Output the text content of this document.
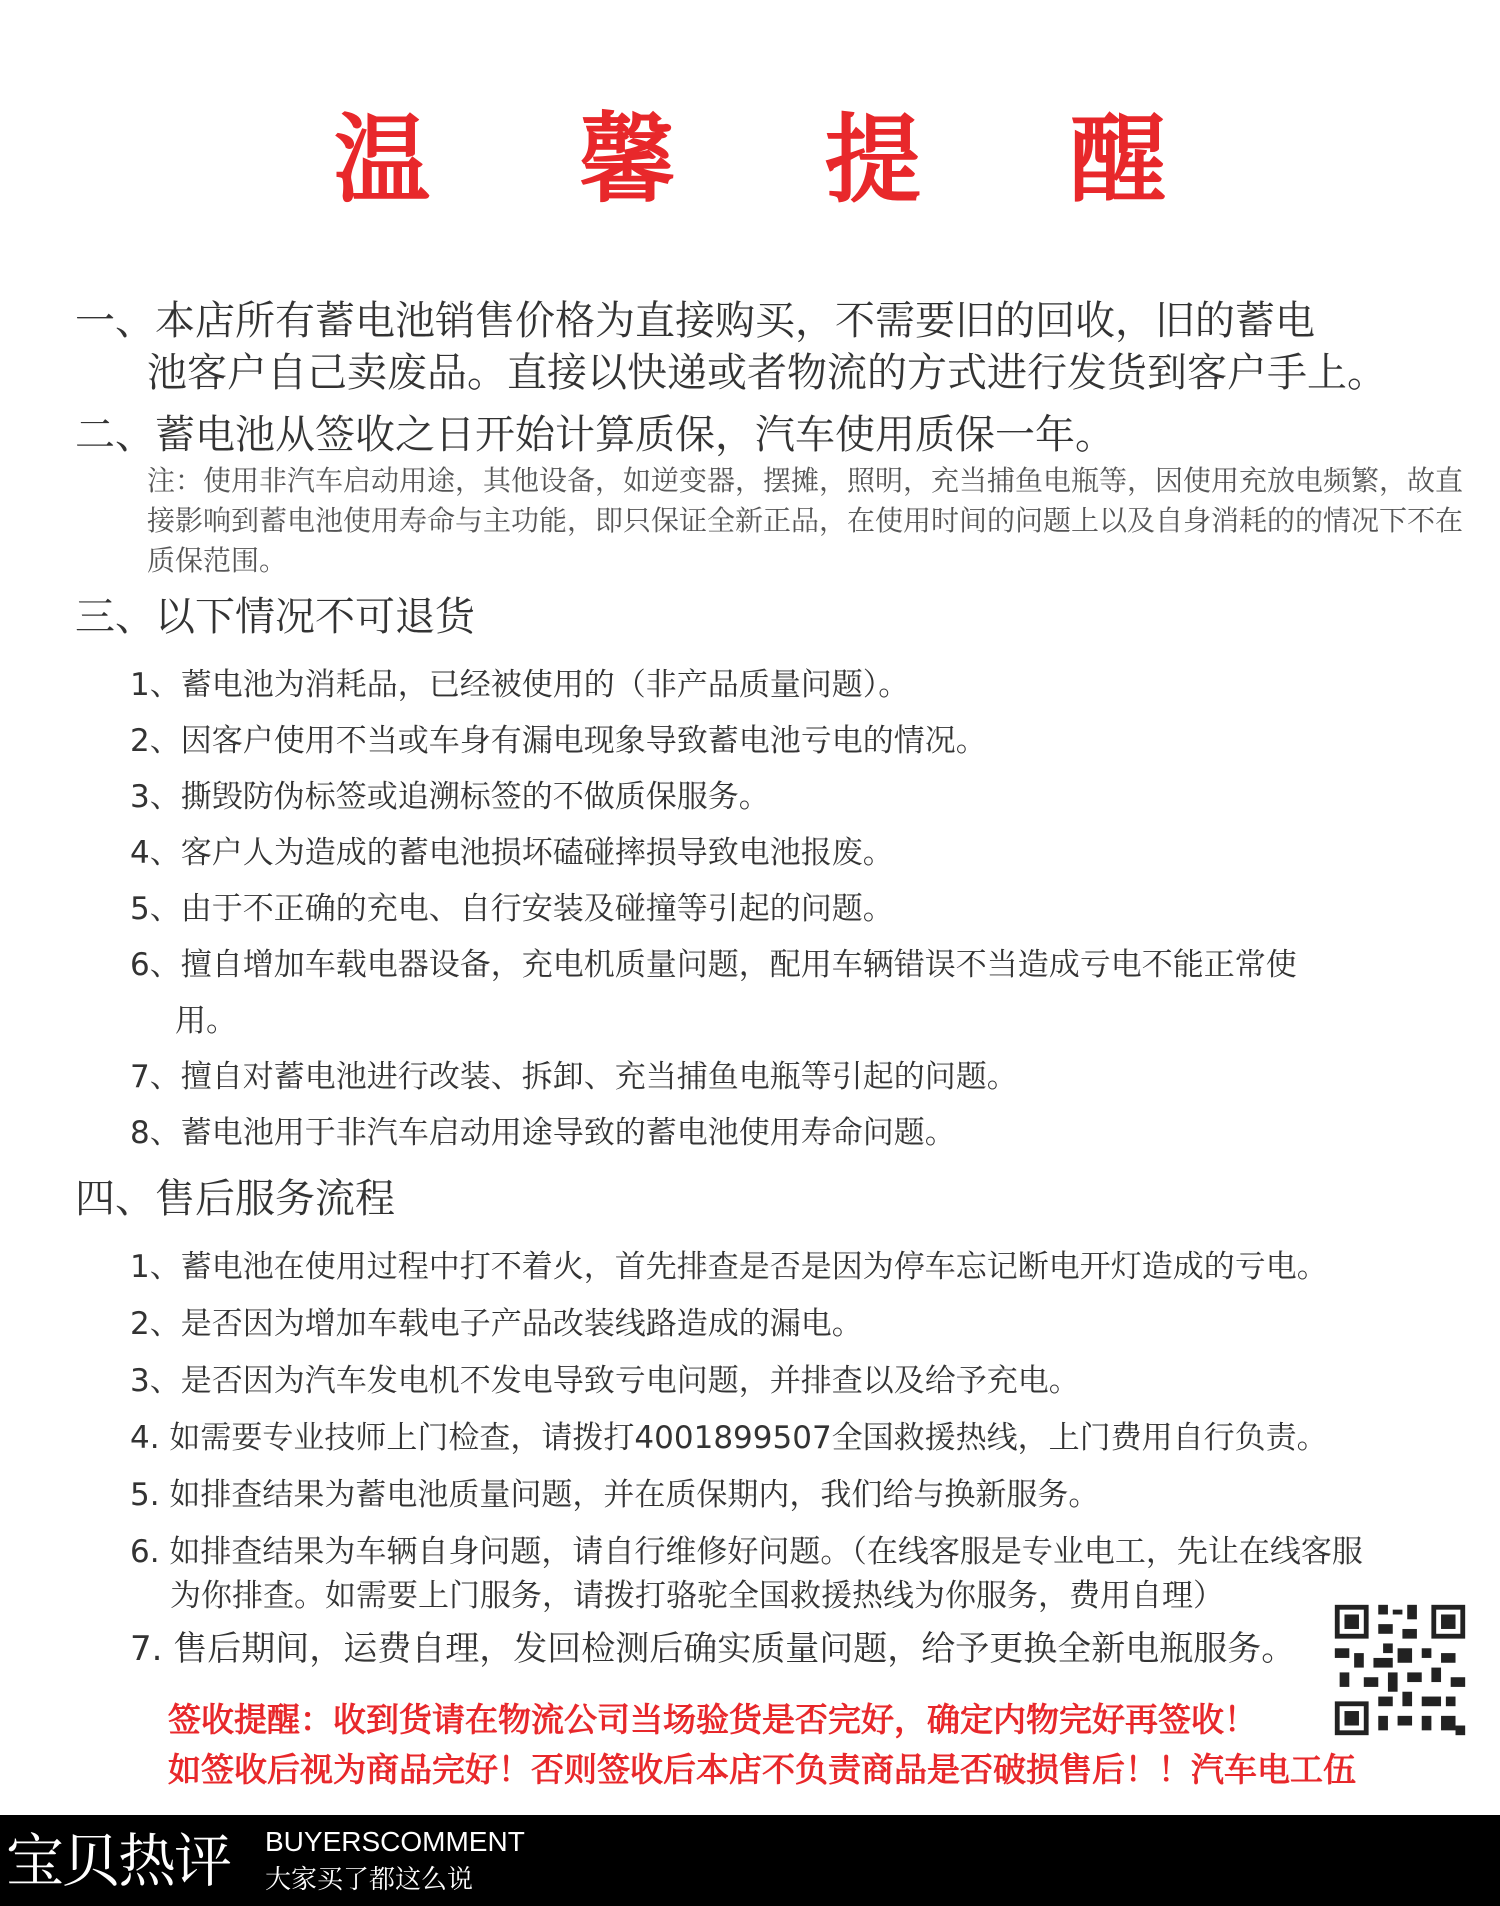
温 馨 提 醒
一、本店所有蓄电池销售价格为直接购买，不需要旧的回收，旧的蓄电
池客户自己卖废品。直接以快递或者物流的方式进行发货到客户手上。
二、蓄电池从签收之日开始计算质保，汽车使用质保一年。
注：使用非汽车启动用途，其他设备，如逆变器，摆摊，照明，充当捕鱼电瓶等，因使用充放电频繁，故直接影响到蓄电池使用寿命与主功能，即只保证全新正品，在使用时间的问题上以及自身消耗的的情况下不在质保范围。
三、以下情况不可退货
1、蓄电池为消耗品，已经被使用的（非产品质量问题）。
2、因客户使用不当或车身有漏电现象导致蓄电池亏电的情况。
3、撕毁防伪标签或追溯标签的不做质保服务。
4、客户人为造成的蓄电池损坏磕碰摔损导致电池报废。
5、由于不正确的充电、自行安装及碰撞等引起的问题。
6、擅自增加车载电器设备，充电机质量问题，配用车辆错误不当造成亏电不能正常使
用。
7、擅自对蓄电池进行改装、拆卸、充当捕鱼电瓶等引起的问题。
8、蓄电池用于非汽车启动用途导致的蓄电池使用寿命问题。
四、售后服务流程
1、蓄电池在使用过程中打不着火，首先排查是否是因为停车忘记断电开灯造成的亏电。
2、是否因为增加车载电子产品改装线路造成的漏电。
3、是否因为汽车发电机不发电导致亏电问题，并排查以及给予充电。
4. 如需要专业技师上门检查，请拨打4001899507全国救援热线，上门费用自行负责。
5. 如排查结果为蓄电池质量问题，并在质保期内，我们给与换新服务。
6. 如排查结果为车辆自身问题，请自行维修好问题。（在线客服是专业电工，先让在线客服
为你排查。如需要上门服务，请拨打骆驼全国救援热线为你服务，费用自理）
7. 售后期间，运费自理，发回检测后确实质量问题，给予更换全新电瓶服务。
签收提醒：收到货请在物流公司当场验货是否完好，确定内物完好再签收！
如签收后视为商品完好！否则签收后本店不负责商品是否破损售后！！汽车电工伍
宝贝热评 BUYERSCOMMENT
大家买了都这么说
